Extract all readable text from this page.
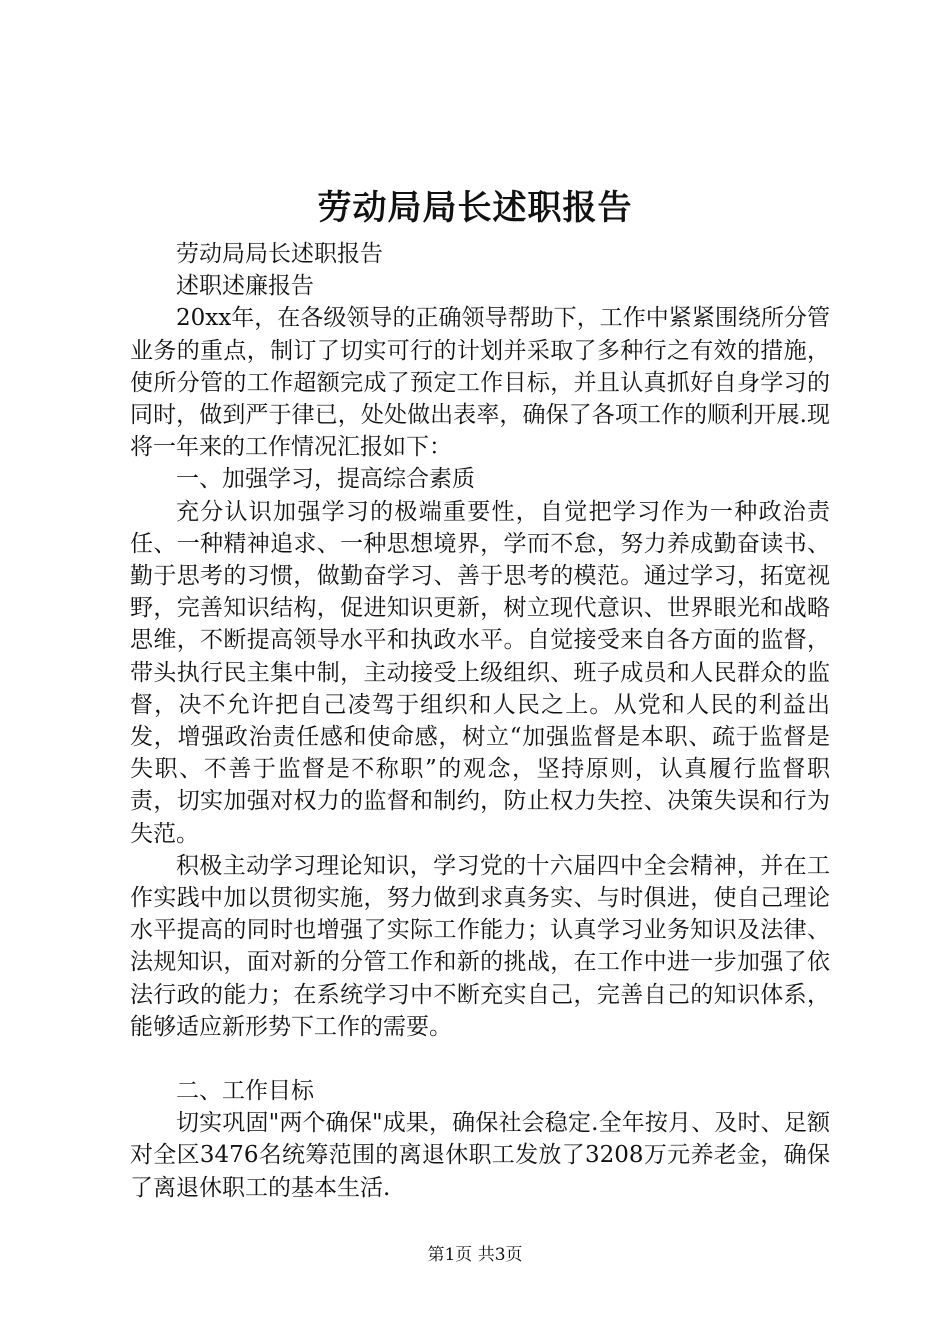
劳动局局长述职报告

劳动局局长述职报告

述职述廉报告

20xx年，在各级领导的正确领导帮助下，工作中紧紧围绕所分管业务的重点，制订了切实可行的计划并采取了多种行之有效的措施，使所分管的工作超额完成了预定工作目标，并且认真抓好自身学习的同时，做到严于律已，处处做出表率，确保了各项工作的顺利开展.现将一年来的工作情况汇报如下：

一、加强学习，提高综合素质

充分认识加强学习的极端重要性，自觉把学习作为一种政治责任、一种精神追求、一种思想境界，学而不怠，努力养成勤奋读书、勤于思考的习惯，做勤奋学习、善于思考的模范。通过学习，拓宽视野，完善知识结构，促进知识更新，树立现代意识、世界眼光和战略思维，不断提高领导水平和执政水平。自觉接受来自各方面的监督，带头执行民主集中制，主动接受上级组织、班子成员和人民群众的监督，决不允许把自己凌驾于组织和人民之上。从党和人民的利益出发，增强政治责任感和使命感，树立“加强监督是本职、疏于监督是失职、不善于监督是不称职”的观念，坚持原则，认真履行监督职责，切实加强对权力的监督和制约，防止权力失控、决策失误和行为失范。

积极主动学习理论知识，学习党的十六届四中全会精神，并在工作实践中加以贯彻实施，努力做到求真务实、与时俱进，使自己理论水平提高的同时也增强了实际工作能力；认真学习业务知识及法律、法规知识，面对新的分管工作和新的挑战，在工作中进一步加强了依法行政的能力；在系统学习中不断充实自己，完善自己的知识体系，能够适应新形势下工作的需要。

二、工作目标

切实巩固"两个确保"成果，确保社会稳定.全年按月、及时、足额对全区3476名统筹范围的离退休职工发放了3208万元养老金，确保了离退休职工的基本生活.

第1页 共3页
